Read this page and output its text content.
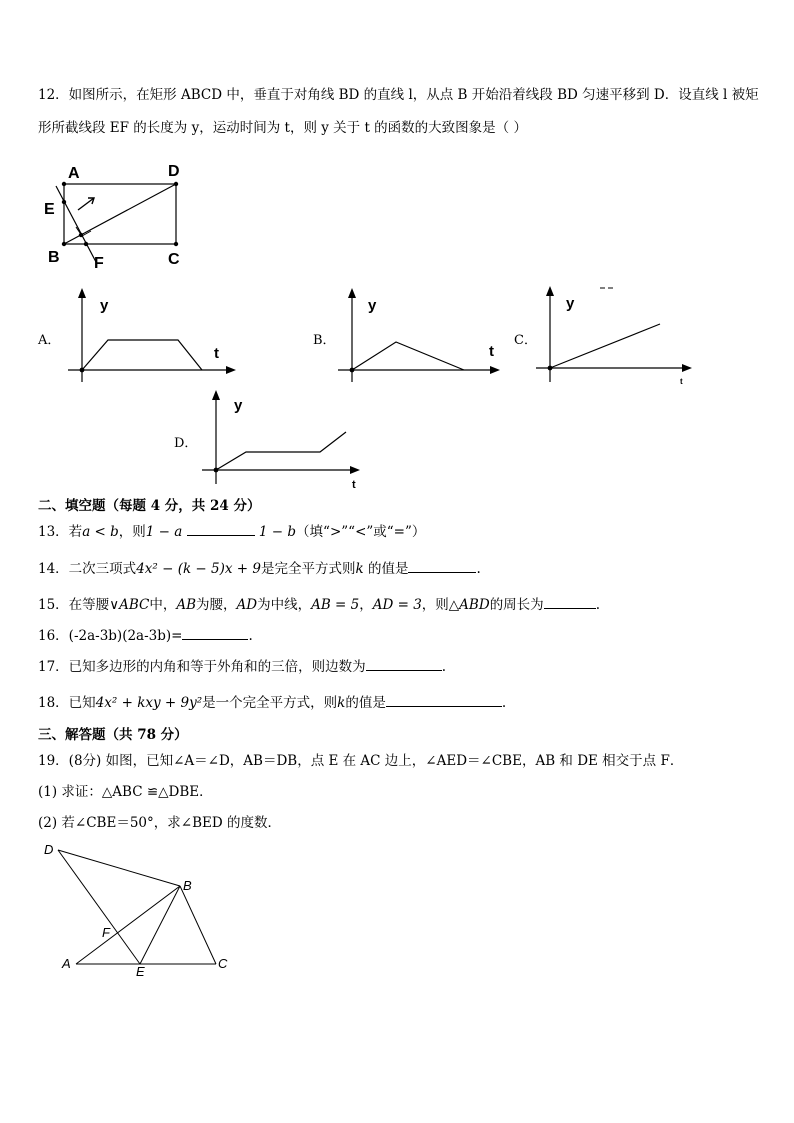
12．如图所示，在矩形 ABCD 中，垂直于对角线 BD 的直线 l，从点 B 开始沿着线段 BD 匀速平移到 D．设直线 l 被矩
形所截线段 EF 的长度为 y，运动时间为 t，则 y 关于 t 的函数的大致图象是（ ）
A	D
E
B	C
F
A．
y
t
B．
y
t
C．
y
t
D．
y
t
二、填空题（每题 4 分，共 24 分）
13．若a < b，则1 − a	1 − b（填“>”“<”或“=”）
14．二次三项式4x² − (k − 5)x + 9是完全平方式则k 的值是	.
15．在等腰∨ABC中，AB为腰，AD为中线，AB = 5，AD = 3，则△ABD的周长为	.
16．(-2a-3b)(2a-3b)=	.
17．已知多边形的内角和等于外角和的三倍，则边数为	.
18．已知4x² + kxy + 9y²是一个完全平方式，则k的值是	.
三、解答题（共 78 分）
19．(8分) 如图，已知∠A＝∠D，AB＝DB，点 E 在 AC 边上，∠AED＝∠CBE，AB 和 DE 相交于点 F．
(1) 求证：△ABC ≌△DBE．
(2) 若∠CBE＝50°，求∠BED 的度数．
D
B
F
A
E
C
